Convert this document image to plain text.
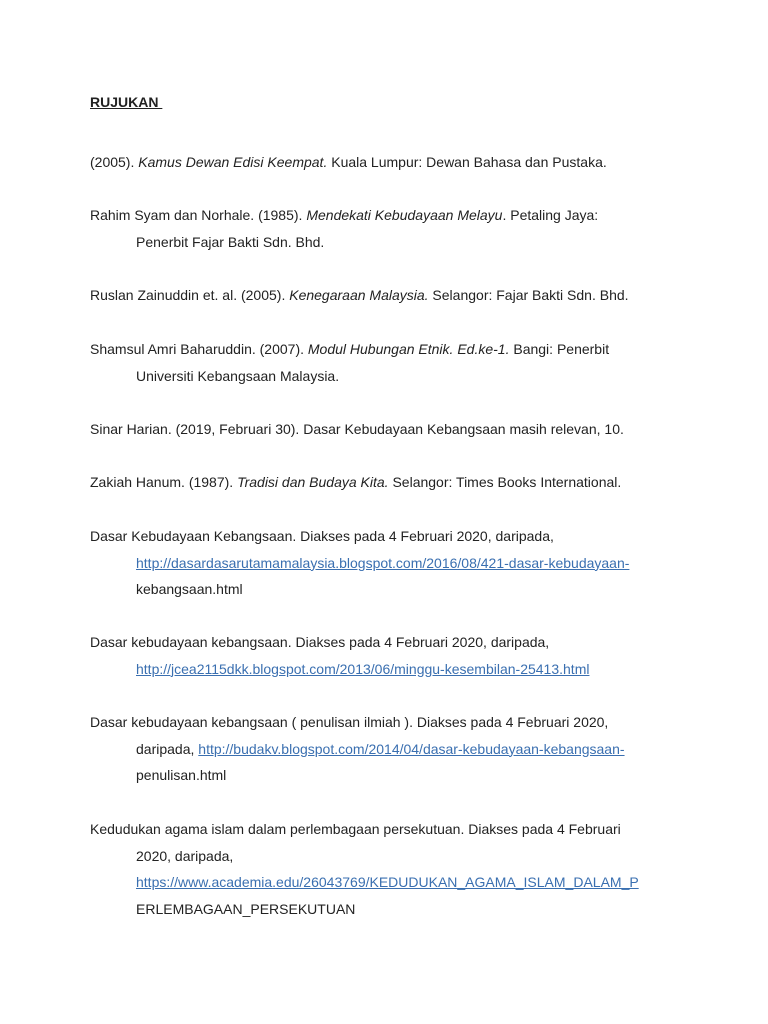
RUJUKAN

(2005). Kamus Dewan Edisi Keempat. Kuala Lumpur: Dewan Bahasa dan Pustaka.

Rahim Syam dan Norhale. (1985). Mendekati Kebudayaan Melayu. Petaling Jaya:
Penerbit Fajar Bakti Sdn. Bhd.

Ruslan Zainuddin et. al. (2005). Kenegaraan Malaysia. Selangor: Fajar Bakti Sdn. Bhd.

Shamsul Amri Baharuddin. (2007). Modul Hubungan Etnik. Ed.ke-1. Bangi: Penerbit
Universiti Kebangsaan Malaysia.

Sinar Harian. (2019, Februari 30). Dasar Kebudayaan Kebangsaan masih relevan, 10.

Zakiah Hanum. (1987). Tradisi dan Budaya Kita. Selangor: Times Books International.

Dasar Kebudayaan Kebangsaan. Diakses pada 4 Februari 2020, daripada,
http://dasardasarutamamalaysia.blogspot.com/2016/08/421-dasar-kebudayaan-
kebangsaan.html

Dasar kebudayaan kebangsaan. Diakses pada 4 Februari 2020, daripada,
http://jcea2115dkk.blogspot.com/2013/06/minggu-kesembilan-25413.html

Dasar kebudayaan kebangsaan ( penulisan ilmiah ). Diakses pada 4 Februari 2020,
daripada, http://budakv.blogspot.com/2014/04/dasar-kebudayaan-kebangsaan-
penulisan.html

Kedudukan agama islam dalam perlembagaan persekutuan. Diakses pada 4 Februari
2020, daripada,
https://www.academia.edu/26043769/KEDUDUKAN_AGAMA_ISLAM_DALAM_P
ERLEMBAGAAN_PERSEKUTUAN
